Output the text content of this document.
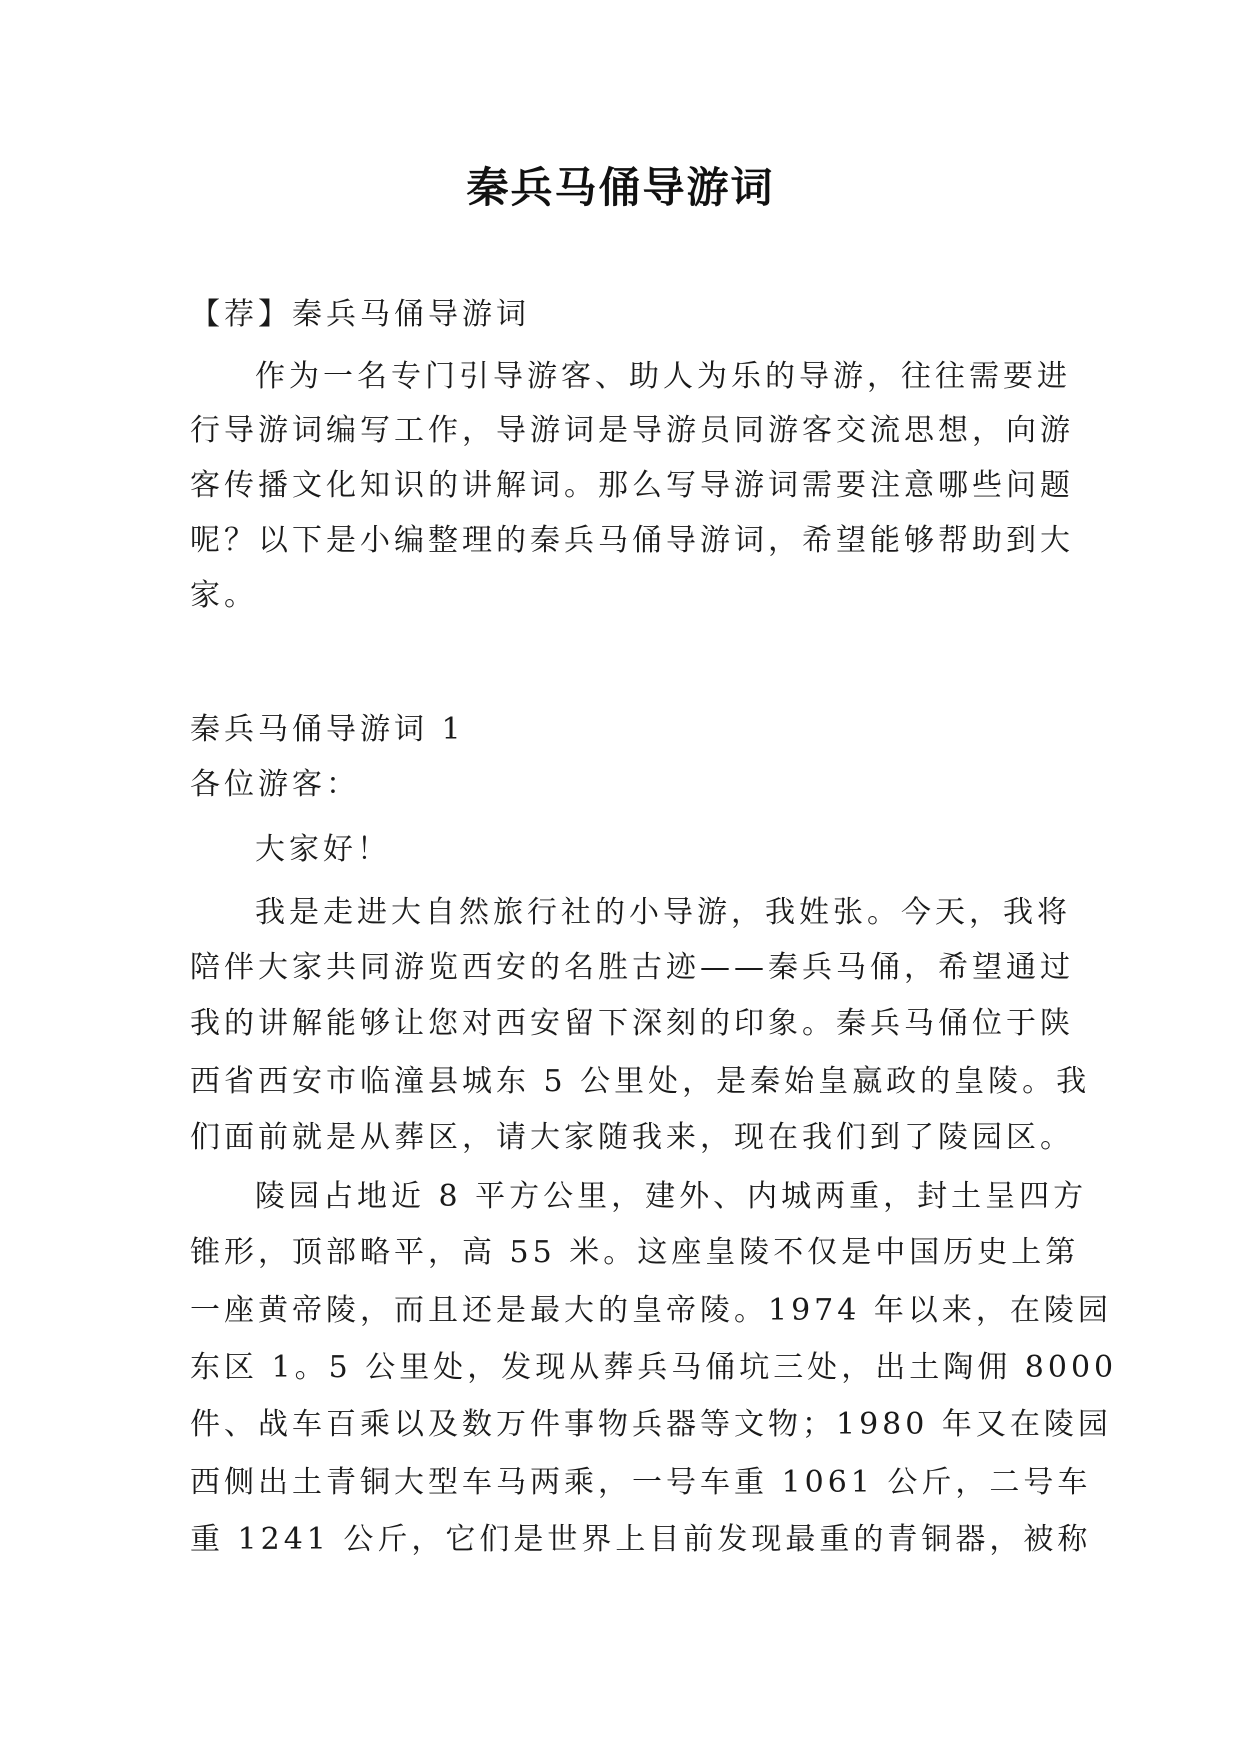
秦兵马俑导游词
【荐】秦兵马俑导游词
作为一名专门引导游客、助人为乐的导游，往往需要进
行导游词编写工作，导游词是导游员同游客交流思想，向游
客传播文化知识的讲解词。那么写导游词需要注意哪些问题
呢？以下是小编整理的秦兵马俑导游词，希望能够帮助到大
家。
秦兵马俑导游词 1
各位游客：
大家好！
我是走进大自然旅行社的小导游，我姓张。今天，我将
陪伴大家共同游览西安的名胜古迹——秦兵马俑，希望通过
我的讲解能够让您对西安留下深刻的印象。秦兵马俑位于陕
西省西安市临潼县城东 5 公里处，是秦始皇嬴政的皇陵。我
们面前就是从葬区，请大家随我来，现在我们到了陵园区。
陵园占地近 8 平方公里，建外、内城两重，封土呈四方
锥形，顶部略平，高 55 米。这座皇陵不仅是中国历史上第
一座黄帝陵，而且还是最大的皇帝陵。1974 年以来，在陵园
东区 1。5 公里处，发现从葬兵马俑坑三处，出土陶佣 8000
件、战车百乘以及数万件事物兵器等文物；1980 年又在陵园
西侧出土青铜大型车马两乘，一号车重 1061 公斤，二号车
重 1241 公斤，它们是世界上目前发现最重的青铜器，被称
